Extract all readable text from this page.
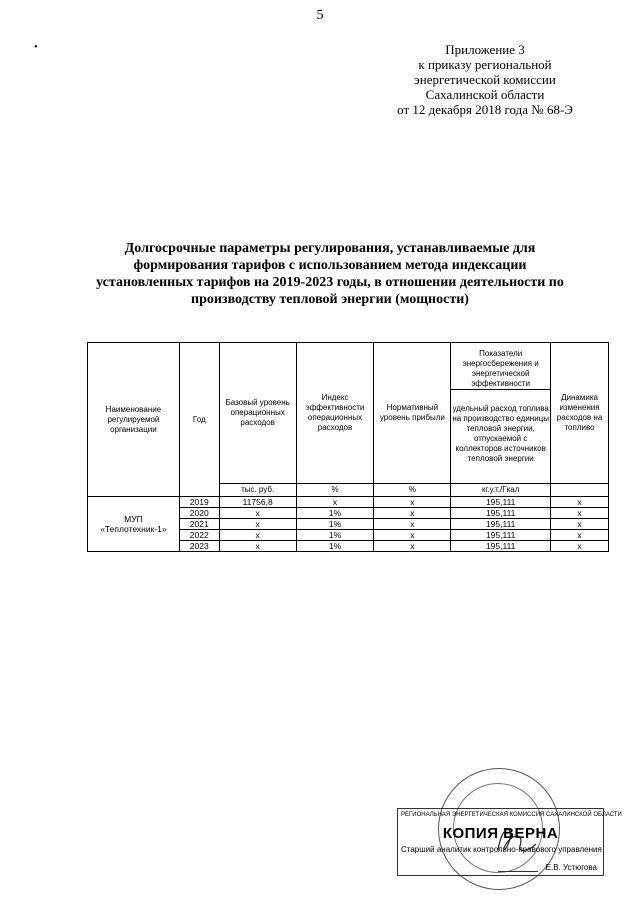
5
•	Приложение 3
к приказу региональной
энергетической комиссии
Сахалинской области
от 12 декабря 2018 года № 68-Э
Долгосрочные параметры регулирования, устанавливаемые для
формирования тарифов с использованием метода индексации
установленных тарифов на 2019-2023 годы, в отношении деятельности по
производству тепловой энергии (мощности)
Наименование регулируемой организации	Год	Базовый уровень операционных расходов	Индекс эффективности операционных расходов	Нормативный уровень прибыли	Показатели энергосбережения и энергетической эффективности
удельный расход топлива на производство единицы тепловой энергии, отпускаемой с коллекторов источников тепловой энергии	Динамика изменения расходов на топливо
		тыс. руб.	%	%	кг.у.т./Гкал	
МУП «Теплотехник-1»	2019	11756,8	x	x	195,111	x
	2020	x	1%	x	195,111	x
	2021	x	1%	x	195,111	x
	2022	x	1%	x	195,111	x
	2023	x	1%	x	195,111	x
РЕГИОНАЛЬНАЯ ЭНЕРГЕТИЧЕСКАЯ КОМИССИЯ САХАЛИНСКОЙ ОБЛАСТИ
КОПИЯ ВЕРНА
Старший аналитик контрольно-правового управления
Е.В. Устюгова
